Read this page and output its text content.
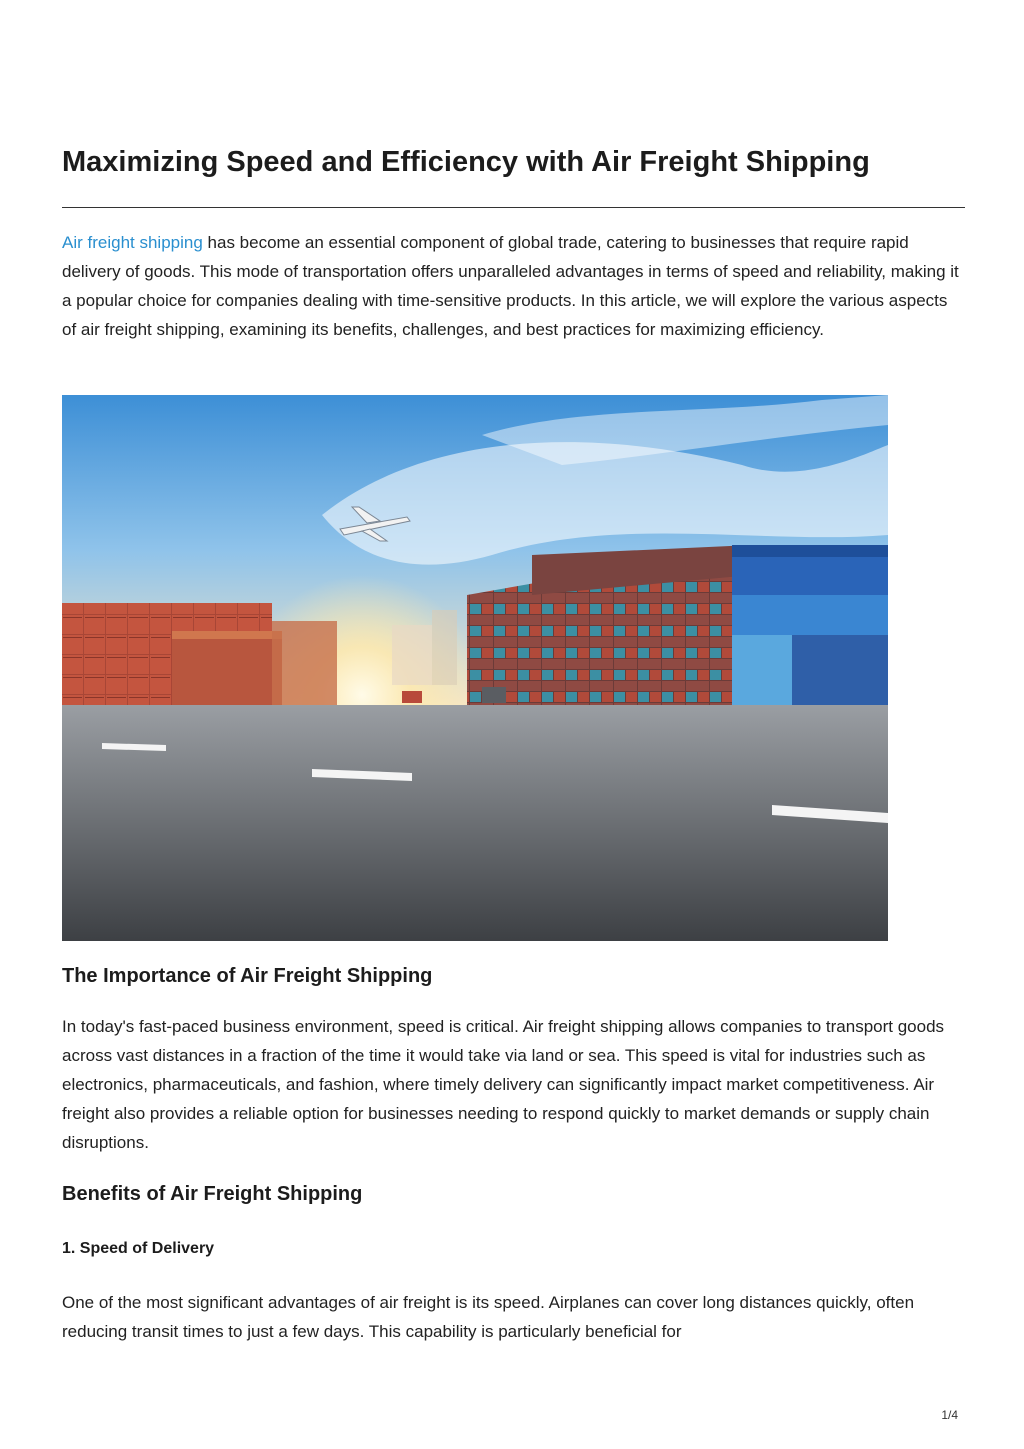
Maximizing Speed and Efficiency with Air Freight Shipping

Air freight shipping has become an essential component of global trade, catering to businesses that require rapid delivery of goods. This mode of transportation offers unparalleled advantages in terms of speed and reliability, making it a popular choice for companies dealing with time-sensitive products. In this article, we will explore the various aspects of air freight shipping, examining its benefits, challenges, and best practices for maximizing efficiency.

The Importance of Air Freight Shipping

In today's fast-paced business environment, speed is critical. Air freight shipping allows companies to transport goods across vast distances in a fraction of the time it would take via land or sea. This speed is vital for industries such as electronics, pharmaceuticals, and fashion, where timely delivery can significantly impact market competitiveness. Air freight also provides a reliable option for businesses needing to respond quickly to market demands or supply chain disruptions.

Benefits of Air Freight Shipping
1. Speed of Delivery

One of the most significant advantages of air freight is its speed. Airplanes can cover long distances quickly, often reducing transit times to just a few days. This capability is particularly beneficial for

1/4
